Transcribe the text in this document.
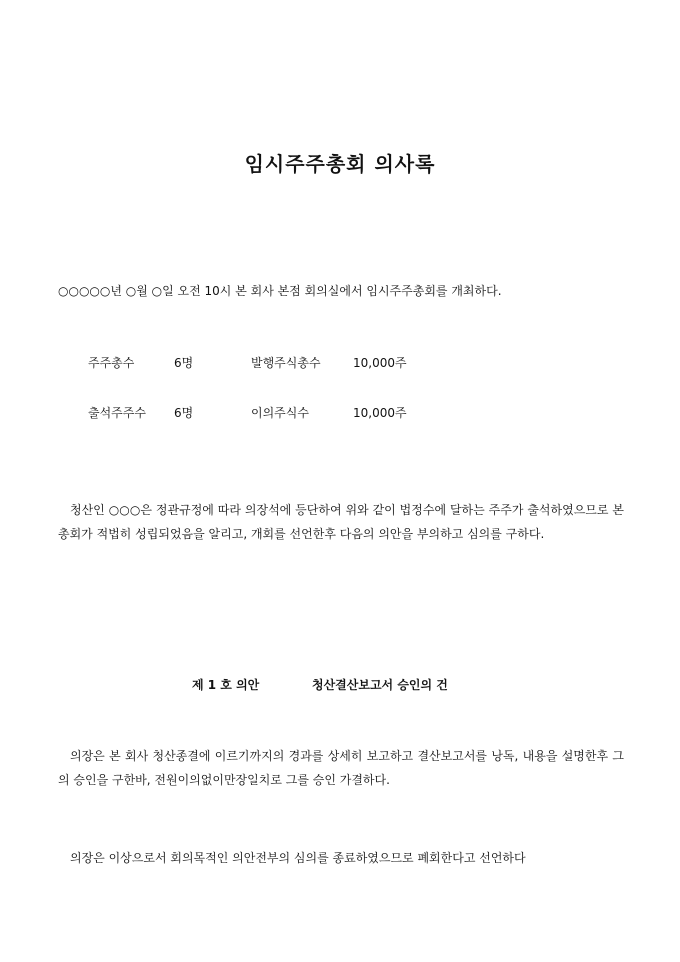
임시주주총회 의사록
○○○○○년 ○월 ○일 오전 10시 본 회사 본점 회의실에서 임시주주총회를 개최하다.
주주총수	6명	발행주식총수	10,000주
출석주주수 6명	이의주식수	10,000주

청산인 ○○○은 정관규정에 따라 의장석에 등단하여 위와 같이 법정수에 달하는 주주가 출석하였으므로 본 총회가 적법히 성립되었음을 알리고, 개회를 선언한후 다음의 의안을 부의하고 심의를 구하다.

제 1 호 의안	청산결산보고서 승인의 건

의장은 본 회사 청산종결에 이르기까지의 경과를 상세히 보고하고 결산보고서를 낭독, 내용을 설명한후 그의 승인을 구한바, 전원이의없이만장일치로 그를 승인 가결하다.

의장은 이상으로서 회의목적인 의안전부의 심의를 종료하였으므로 폐회한다고 선언하다
